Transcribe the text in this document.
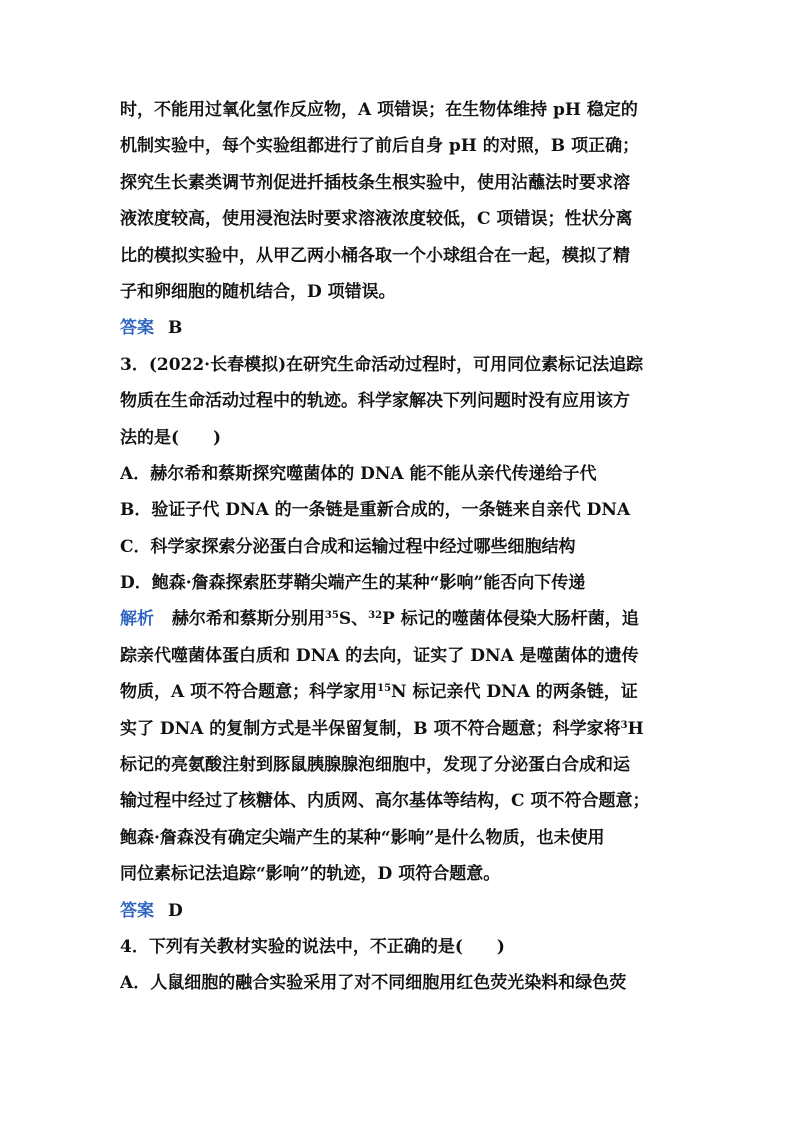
时，不能用过氧化氢作反应物，A 项错误；在生物体维持 pH 稳定的
机制实验中，每个实验组都进行了前后自身 pH 的对照，B 项正确；
探究生长素类调节剂促进扦插枝条生根实验中，使用沾蘸法时要求溶
液浓度较高，使用浸泡法时要求溶液浓度较低，C 项错误；性状分离
比的模拟实验中，从甲乙两小桶各取一个小球组合在一起，模拟了精
子和卵细胞的随机结合，D 项错误。
答案 B
3．(2022·长春模拟)在研究生命活动过程时，可用同位素标记法追踪
物质在生命活动过程中的轨迹。科学家解决下列问题时没有应用该方
法的是(　　)
A．赫尔希和蔡斯探究噬菌体的 DNA 能不能从亲代传递给子代
B．验证子代 DNA 的一条链是重新合成的，一条链来自亲代 DNA
C．科学家探索分泌蛋白合成和运输过程中经过哪些细胞结构
D．鲍森·詹森探索胚芽鞘尖端产生的某种“影响”能否向下传递
解析 赫尔希和蔡斯分别用$^{35}$S、$^{32}$P 标记的噬菌体侵染大肠杆菌，追
踪亲代噬菌体蛋白质和 DNA 的去向，证实了 DNA 是噬菌体的遗传
物质，A 项不符合题意；科学家用$^{15}$N 标记亲代 DNA 的两条链，证
实了 DNA 的复制方式是半保留复制，B 项不符合题意；科学家将$^3$H
标记的亮氨酸注射到豚鼠胰腺腺泡细胞中，发现了分泌蛋白合成和运
输过程中经过了核糖体、内质网、高尔基体等结构，C 项不符合题意；
鲍森·詹森没有确定尖端产生的某种“影响”是什么物质，也未使用
同位素标记法追踪“影响”的轨迹，D 项符合题意。
答案 D
4．下列有关教材实验的说法中，不正确的是(　　)
A．人鼠细胞的融合实验采用了对不同细胞用红色荧光染料和绿色荧
